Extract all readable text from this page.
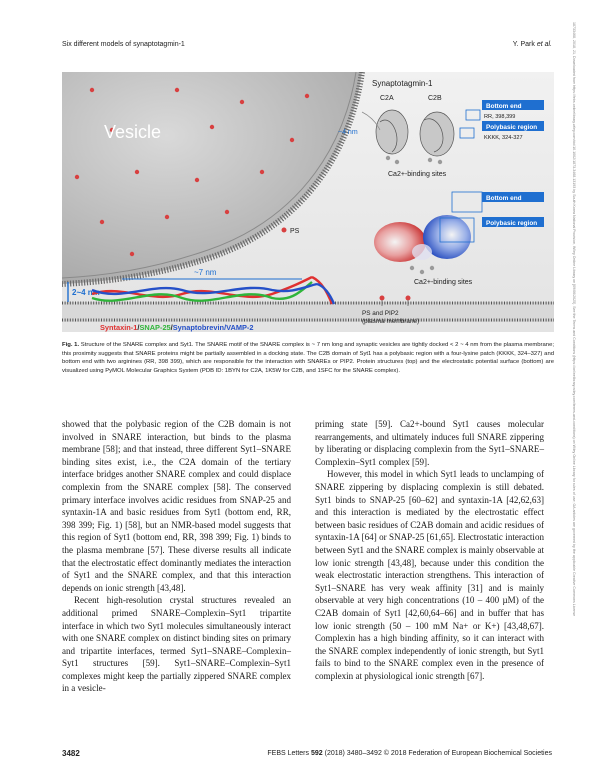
Six different models of synaptotagmin-1	Y. Park et al.	18733468, 2018, 21, Downloaded from https://febs.onlinelibrary.wiley.com/doi/10.1002/1873-3468.13193 by South Korea National Provision, Wiley Online Library on [09/06/2025]. See the Terms and Conditions (https://onlinelibrary.wiley.com/terms-and-conditions) on Wiley Online Library for rules of use; OA articles are governed by the applicable Creative Commons License
Vesicle
2~4 nm
~7 nm
PS
Synaptotagmin-1
C2A	C2B
~4 nm
Ca2+-binding sites
Bottom end
RR, 398,399
Polybasic region
KKKK, 324-327
Bottom end
Polybasic region
Ca2+-binding sites
PS and PIP2
(plasma membrane)
Syntaxin-1/SNAP-25/Synaptobrevin/VAMP-2
Fig. 1. Structure of the SNARE complex and Syt1. The SNARE motif of the SNARE complex is ~ 7 nm long and synaptic vesicles are tightly docked < 2 ~ 4 nm from the plasma membrane; this proximity suggests that SNARE proteins might be partially assembled in a docking state. The C2B domain of Syt1 has a polybasic region with a four-lysine patch (KKKK, 324–327) and bottom end with two arginines (RR, 398 399), which are responsible for the interaction with SNAREs or PIP2. Protein structures (top) and the electrostatic potential surface (bottom) are visualized using PyMOL Molecular Graphics System (PDB ID: 1BYN for C2A, 1K5W for C2B, and 1SFC for the SNARE complex).

showed that the polybasic region of the C2B domain is not involved in SNARE interaction, but binds to the plasma membrane [58]; and that instead, three different Syt1–SNARE binding sites exist, i.e., the C2A domain of the tertiary interface bridges another SNARE complex and could displace complexin from the SNARE complex [58]. The conserved primary interface involves acidic residues from SNAP-25 and syntaxin-1A and basic residues from Syt1 (bottom end, RR, 398 399; Fig. 1) [58], but an NMR-based model suggests that this region of Syt1 (bottom end, RR, 398 399; Fig. 1) binds to the plasma membrane [57]. These diverse results all indicate that the electrostatic effect dominantly mediates the interaction of Syt1 and the SNARE complex, and that this interaction depends on ionic strength [43,48].

Recent high-resolution crystal structures revealed an additional primed SNARE–Complexin–Syt1 tripartite interface in which two Syt1 molecules simultaneously interact with one SNARE complex on distinct binding sites on primary and tripartite interfaces, termed Syt1–SNARE–Complexin–Syt1 structures [59]. Syt1–SNARE–Complexin–Syt1 complexes might keep the partially zippered SNARE complex in a vesicle-

priming state [59]. Ca2+-bound Syt1 causes molecular rearrangements, and ultimately induces full SNARE zippering by liberating or displacing complexin from the Syt1–SNARE–Complexin–Syt1 complex [59].

However, this model in which Syt1 leads to unclamping of SNARE zippering by displacing complexin is still debated. Syt1 binds to SNAP-25 [60–62] and syntaxin-1A [42,62,63] and this interaction is mediated by the electrostatic effect between basic residues of C2AB domain and acidic residues of syntaxin-1A [64] or SNAP-25 [61,65]. Electrostatic interaction between Syt1 and the SNARE complex is mainly observable at low ionic strength [43,48], because under this condition the weak electrostatic interaction strengthens. This interaction of Syt1–SNARE has very weak affinity [31] and is mainly observable at very high concentrations (10 – 400 µM) of the C2AB domain of Syt1 [42,60,64–66] and in buffer that has low ionic strength (50 – 100 mM Na+ or K+) [43,48,67]. Complexin has a high binding affinity, so it can interact with the SNARE complex independently of ionic strength, but Syt1 fails to bind to the SNARE complex even in the presence of complexin at physiological ionic strength [67].

3482	FEBS Letters 592 (2018) 3480–3492 © 2018 Federation of European Biochemical Societies
